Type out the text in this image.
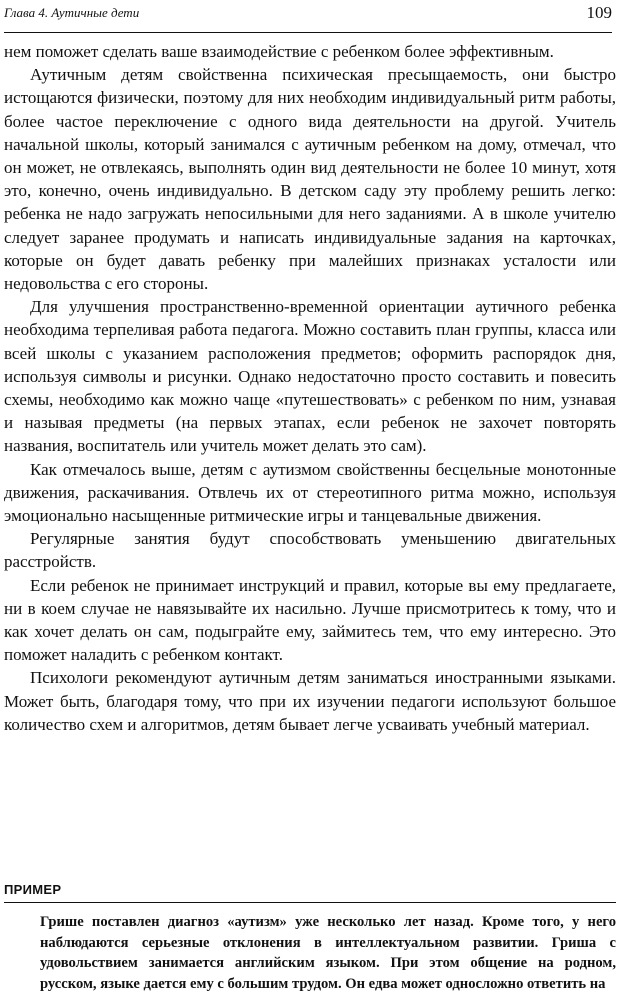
Глава 4. Аутичные дети	109

нем поможет сделать ваше взаимодействие с ребенком более эффективным.

Аутичным детям свойственна психическая пресыщаемость, они быстро истощаются физически, поэтому для них необходим индивидуальный ритм работы, более частое переключение с одного вида деятельности на другой. Учитель начальной школы, который занимался с аутичным ребенком на дому, отмечал, что он может, не отвлекаясь, выполнять один вид деятельности не более 10 минут, хотя это, конечно, очень индивидуально. В детском саду эту проблему решить легко: ребенка не надо загружать непосильными для него заданиями. А в школе учителю следует заранее продумать и написать индивидуальные задания на карточках, которые он будет давать ребенку при малейших признаках усталости или недовольства с его стороны.

Для улучшения пространственно-временной ориентации аутичного ребенка необходима терпеливая работа педагога. Можно составить план группы, класса или всей школы с указанием расположения предметов; оформить распорядок дня, используя символы и рисунки. Однако недостаточно просто составить и повесить схемы, необходимо как можно чаще «путешествовать» с ребенком по ним, узнавая и называя предметы (на первых этапах, если ребенок не захочет повторять названия, воспитатель или учитель может делать это сам).

Как отмечалось выше, детям с аутизмом свойственны бесцельные монотонные движения, раскачивания. Отвлечь их от стереотипного ритма можно, используя эмоционально насыщенные ритмические игры и танцевальные движения.

Регулярные занятия будут способствовать уменьшению двигательных расстройств.

Если ребенок не принимает инструкций и правил, которые вы ему предлагаете, ни в коем случае не навязывайте их насильно. Лучше присмотритесь к тому, что и как хочет делать он сам, подыграйте ему, займитесь тем, что ему интересно. Это поможет наладить с ребенком контакт.

Психологи рекомендуют аутичным детям заниматься иностранными языками. Может быть, благодаря тому, что при их изучении педагоги используют большое количество схем и алгоритмов, детям бывает легче усваивать учебный материал.

ПРИМЕР

Грише поставлен диагноз «аутизм» уже несколько лет назад. Кроме того, у него наблюдаются серьезные отклонения в интеллектуальном развитии. Гриша с удовольствием занимается английским языком. При этом общение на родном, русском, языке дается ему с большим трудом. Он едва может односложно ответить на
